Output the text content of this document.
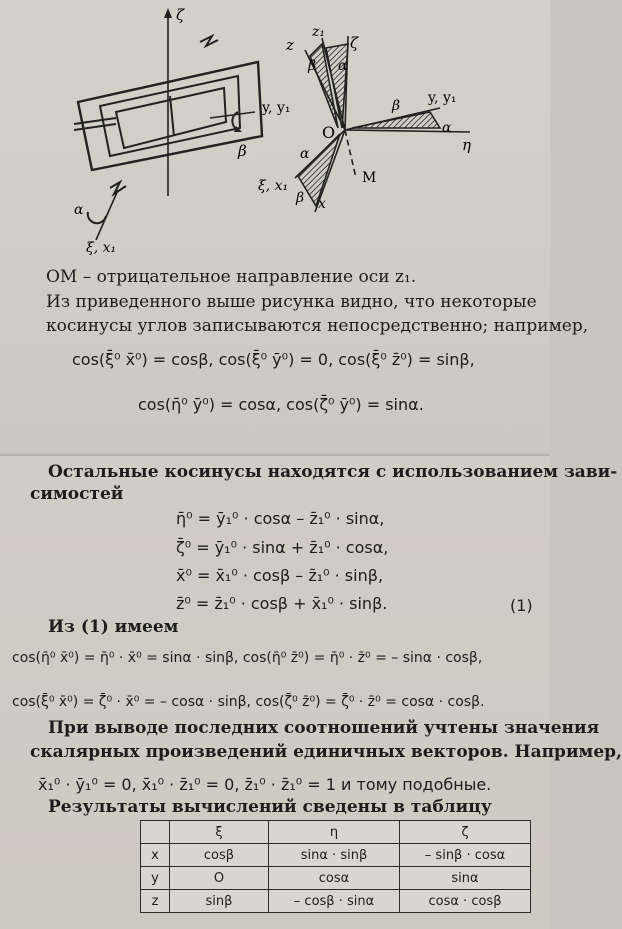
ζ
y, y₁
β
α
ξ, x₁
z
z₁
ζ
β α
O
β y, y₁
α
η
α
ξ, x₁
β x
M
ОМ – отрицательное направление оси z₁.
Из приведенного выше рисунка видно, что некоторые
косинусы углов записываются непосредственно; например,
cos(ξ̄⁰ x̄⁰) = cosβ, cos(ξ̄⁰ ȳ⁰) = 0, cos(ξ̄⁰ z̄⁰) = sinβ,
cos(η̄⁰ ȳ⁰) = cosα, cos(ζ̄⁰ ȳ⁰) = sinα.
Остальные косинусы находятся с использованием зави-
симостей
η̄⁰ = ȳ₁⁰ · cosα – z̄₁⁰ · sinα,
ζ̄⁰ = ȳ₁⁰ · sinα + z̄₁⁰ · cosα,
x̄⁰ = x̄₁⁰ · cosβ – z̄₁⁰ · sinβ,
z̄⁰ = z̄₁⁰ · cosβ + x̄₁⁰ · sinβ.	(1)
Из (1) имеем
cos(η̄⁰ x̄⁰) = η̄⁰ · x̄⁰ = sinα · sinβ, cos(η̄⁰ z̄⁰) = η̄⁰ · z̄⁰ = – sinα · cosβ,
cos(ξ̄⁰ x̄⁰) = ζ̄⁰ · x̄⁰ = – cosα · sinβ, cos(ζ̄⁰ z̄⁰) = ζ̄⁰ · z̄⁰ = cosα · cosβ.
При выводе последних соотношений учтены значения
скалярных произведений единичных векторов. Например,
x̄₁⁰ · ȳ₁⁰ = 0, x̄₁⁰ · z̄₁⁰ = 0, z̄₁⁰ · z̄₁⁰ = 1 и тому подобные.
Результаты вычислений сведены в таблицу
	ξ	η	ζ
x	cosβ	sinα · sinβ	– sinβ · cosα
y	O	cosα	sinα
z	sinβ	– cosβ · sinα	cosα · cosβ
